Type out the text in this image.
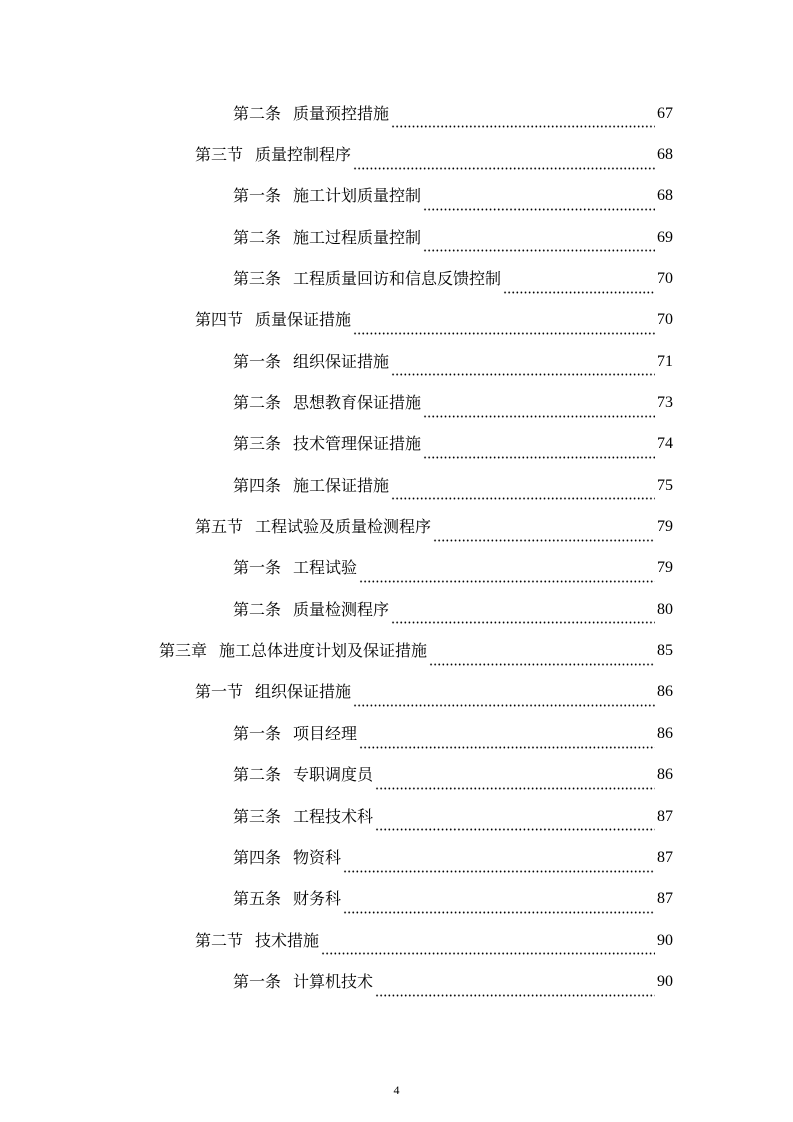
第二条 质量预控措施	67
第三节 质量控制程序	68
第一条 施工计划质量控制	68
第二条 施工过程质量控制	69
第三条 工程质量回访和信息反馈控制	70
第四节 质量保证措施	70
第一条 组织保证措施	71
第二条 思想教育保证措施	73
第三条 技术管理保证措施	74
第四条 施工保证措施	75
第五节 工程试验及质量检测程序	79
第一条 工程试验	79
第二条 质量检测程序	80
第三章 施工总体进度计划及保证措施	85
第一节 组织保证措施	86
第一条 项目经理	86
第二条 专职调度员	86
第三条 工程技术科	87
第四条 物资科	87
第五条 财务科	87
第二节 技术措施	90
第一条 计算机技术	90
4
